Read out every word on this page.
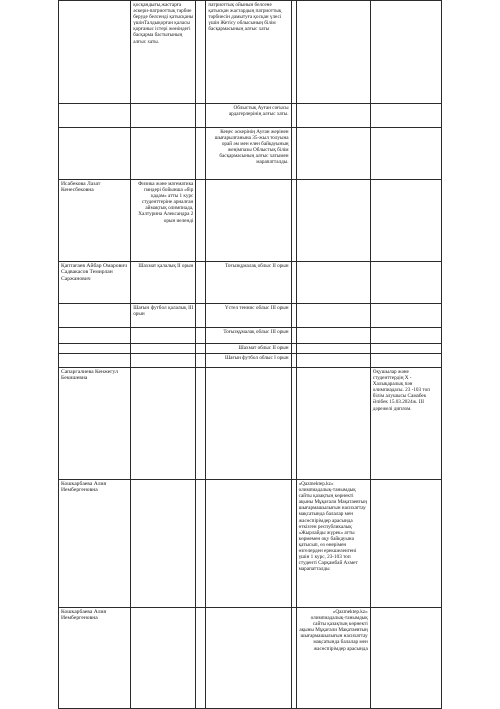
	қосқандығы,жастарға әскери-патриоттық тәрбие беруде белсенді қатысқаны үшінТалдықорған қаласы қорғаныс істері жөніндегі басқарма бастығының алғыс хаты.		патриоттық ойынын белсене қатысқан жастардың патриоттық тәрбиесін дамытуға қосқан үлесі үшін Жетісу облысының білім басқармасының алғыс хаты			
			Облыстық Ауған соғысы ардагерлерінің алғыс хаты.			
			Кеңес әскерінің Ауған жерінен шығарылғанына 35-жыл толуына орай әм мен елен байқауының жеңімпазы Облыстық білім басқармасының алғыс хатымен марапатталды.			
Исабекова Лазат Кенесбековна	Физика және математика пәндері бойынша «бір қадам» атты 1 курс студенттеріне арналған аймақтық олимпиада, Халтурина Александра 2 орын иеленді					
Қаптағаев Айбар Омарович Садвакасов Темирлан Саржанович	Шахмат қалалық ІІ орын		Тоғызқұмалақ облыс ІІ орын			
	Шағын футбол қалалық ІІІ орын		Үстел теннис облыс ІІІ орын			
			Тоғызқұмалақ облыс ІІІ орын			
			Шахмат облыс ІІ орын			
			Шағын футбол облыс І орын			
Сапаргалиева Кенжегул Бекишевна						Оқушылар және студенттердің Х - Халықаралық пән олимпиадасы. 23 -103 топ білім алушысы Самабек Әлібек 15.03.2024ж. ІІІ дәрежелі диплом.
Кошкарбаева Алия Иембергеновна					«Qazmektep.kz» олимпиадалық-танымдық сайты қазақтың көрнекті ақыны Мұқағали Мақатаевтың шығармашылығын насихаттау мақсатында балалар мен жасөспірімдер арасында өткізген республикалық «Жырлайды жүрек» атты көрмемен оқу байқауына қатысып, өз өнерімен өзгелерден ерекшеленгені үшін 1 курс, 23-103 топ студенті Сарқамбай Ахмет марапатталды	
Кошкарбаева Алия Иембергеновна					«Qazmektep.kz» олимпиадалық-танымдық сайты қазақтың көрнекті ақыны Мұқағали Мақатаевтың шығармашылығын насихаттау мақсатында балалар мен жасөспірімдер арасында	
